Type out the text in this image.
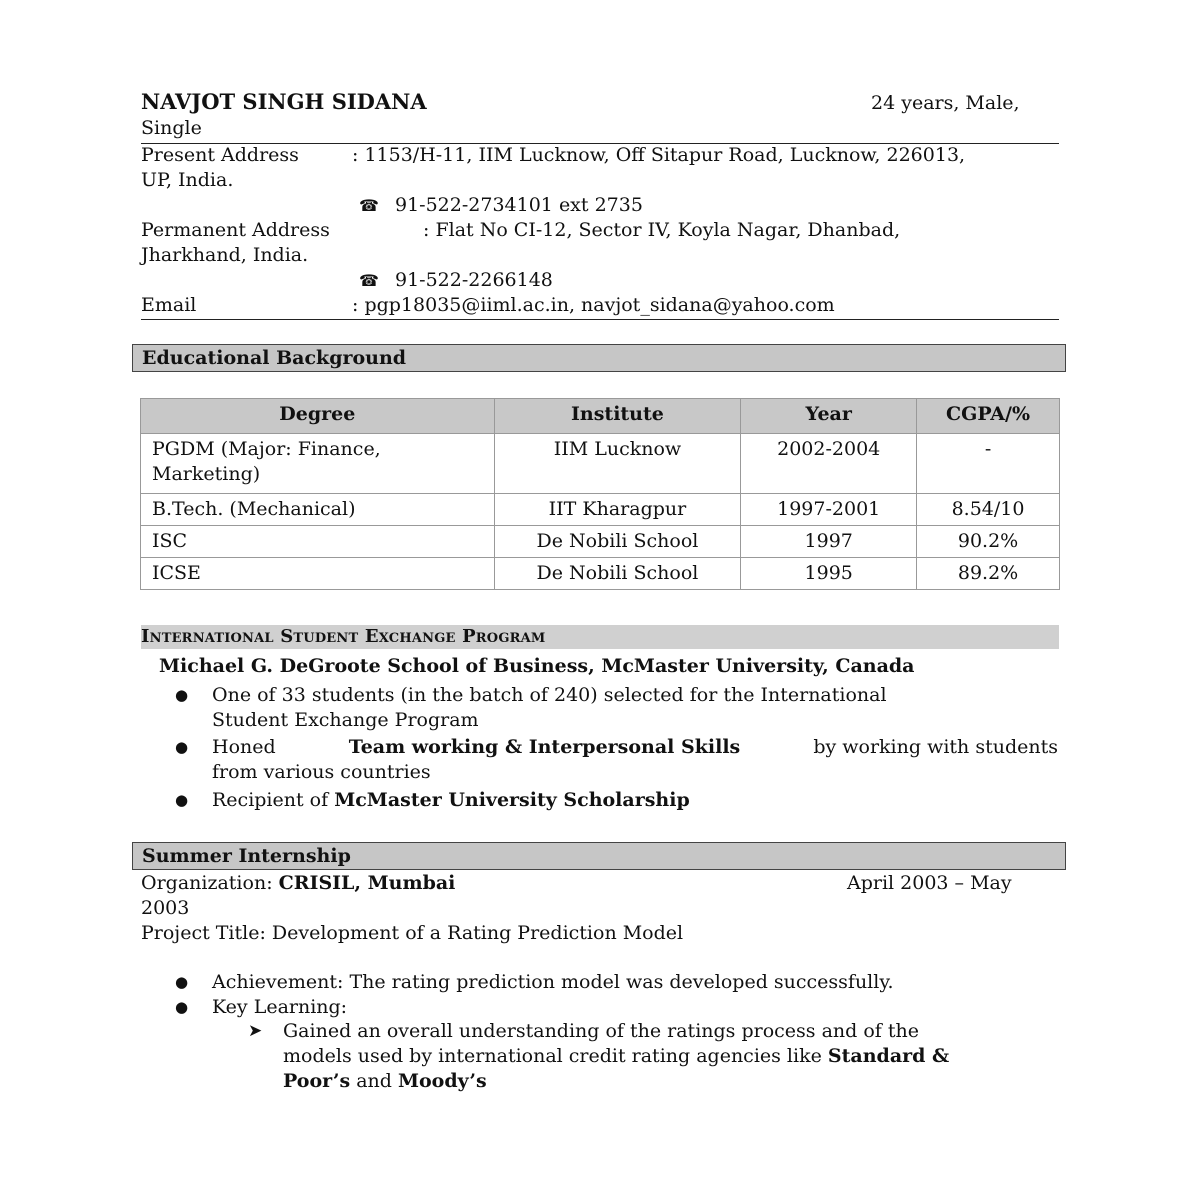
NAVJOT SINGH SIDANA	24 years, Male,
Single
Present Address	: 1153/H-11, IIM Lucknow, Off Sitapur Road, Lucknow, 226013,
UP, India.
☎ 91-522-2734101 ext 2735
Permanent Address	: Flat No CI-12, Sector IV, Koyla Nagar, Dhanbad,
Jharkhand, India.
☎ 91-522-2266148
Email	: pgp18035@iiml.ac.in, navjot_sidana@yahoo.com
Educational Background
Degree	Institute	Year	CGPA/%
PGDM (Major: Finance, Marketing)	IIM Lucknow	2002-2004	-
B.Tech. (Mechanical)	IIT Kharagpur	1997-2001	8.54/10
ISC	De Nobili School	1997	90.2%
ICSE	De Nobili School	1995	89.2%
International Student Exchange Program
Michael G. DeGroote School of Business, McMaster University, Canada
● One of 33 students (in the batch of 240) selected for the International
Student Exchange Program
● Honed	Team working & Interpersonal Skills	by working with students
from various countries
● Recipient of McMaster University Scholarship
Summer Internship
Organization: CRISIL, Mumbai	April 2003 – May
2003
Project Title: Development of a Rating Prediction Model
● Achievement: The rating prediction model was developed successfully.
● Key Learning:
➤ Gained an overall understanding of the ratings process and of the
models used by international credit rating agencies like Standard &
Poor’s and Moody’s
